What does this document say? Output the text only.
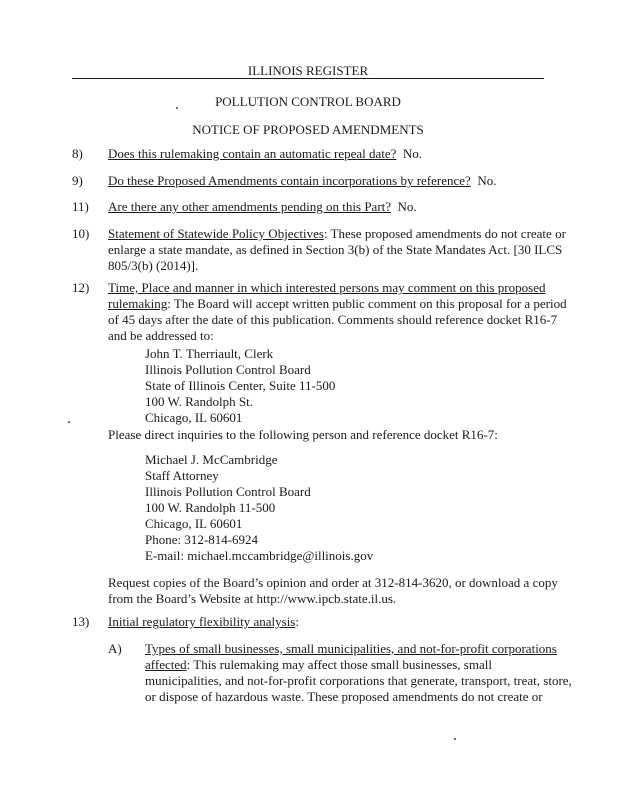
ILLINOIS REGISTER
POLLUTION CONTROL BOARD
NOTICE OF PROPOSED AMENDMENTS
8)	Does this rulemaking contain an automatic repeal date? No.
9)	Do these Proposed Amendments contain incorporations by reference? No.
11)	Are there any other amendments pending on this Part? No.
10)	Statement of Statewide Policy Objectives: These proposed amendments do not create or
enlarge a state mandate, as defined in Section 3(b) of the State Mandates Act. [30 ILCS
805/3(b) (2014)].
12)	Time, Place and manner in which interested persons may comment on this proposed
rulemaking: The Board will accept written public comment on this proposal for a period
of 45 days after the date of this publication. Comments should reference docket R16-7
and be addressed to:
John T. Therriault, Clerk
Illinois Pollution Control Board
State of Illinois Center, Suite 11-500
100 W. Randolph St.
Chicago, IL 60601
Please direct inquiries to the following person and reference docket R16-7:
Michael J. McCambridge
Staff Attorney
Illinois Pollution Control Board
100 W. Randolph 11-500
Chicago, IL 60601
Phone: 312-814-6924
E-mail: michael.mccambridge@illinois.gov
Request copies of the Board’s opinion and order at 312-814-3620, or download a copy
from the Board’s Website at http://www.ipcb.state.il.us.
13)	Initial regulatory flexibility analysis:
A) Types of small businesses, small municipalities, and not-for-profit corporations
affected: This rulemaking may affect those small businesses, small
municipalities, and not-for-profit corporations that generate, transport, treat, store,
or dispose of hazardous waste. These proposed amendments do not create or
